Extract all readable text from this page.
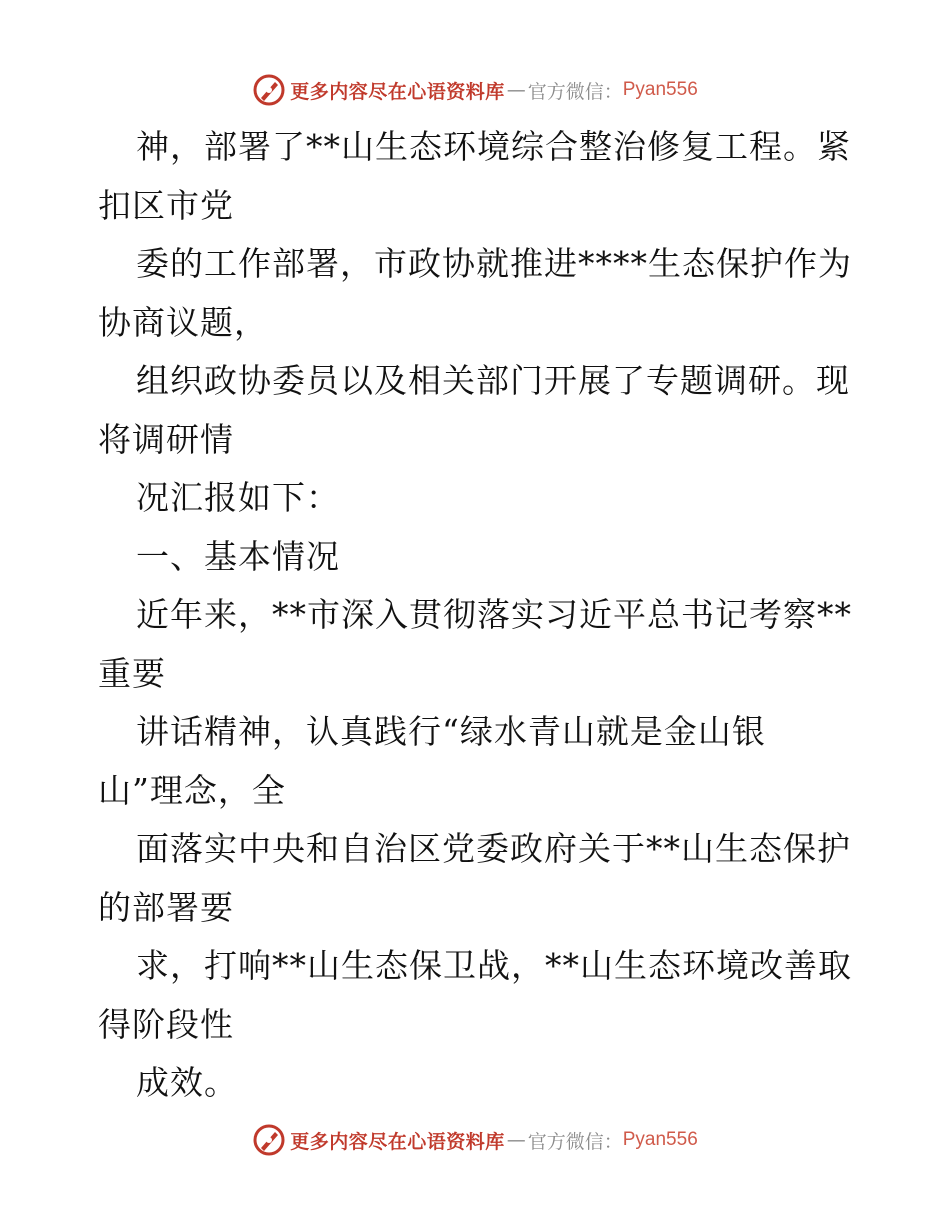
更多内容尽在心语资料库 — 官方微信： Pyan556
神，部署了**山生态环境综合整治修复工程。紧
扣区市党
委的工作部署，市政协就推进****生态保护作为
协商议题，
组织政协委员以及相关部门开展了专题调研。现
将调研情
况汇报如下：
一、基本情况
近年来，**市深入贯彻落实习近平总书记考察**
重要
讲话精神，认真践行“绿水青山就是金山银
山”理念，全
面落实中央和自治区党委政府关于**山生态保护
的部署要
求，打响**山生态保卫战，**山生态环境改善取
得阶段性
成效。
更多内容尽在心语资料库 — 官方微信： Pyan556
